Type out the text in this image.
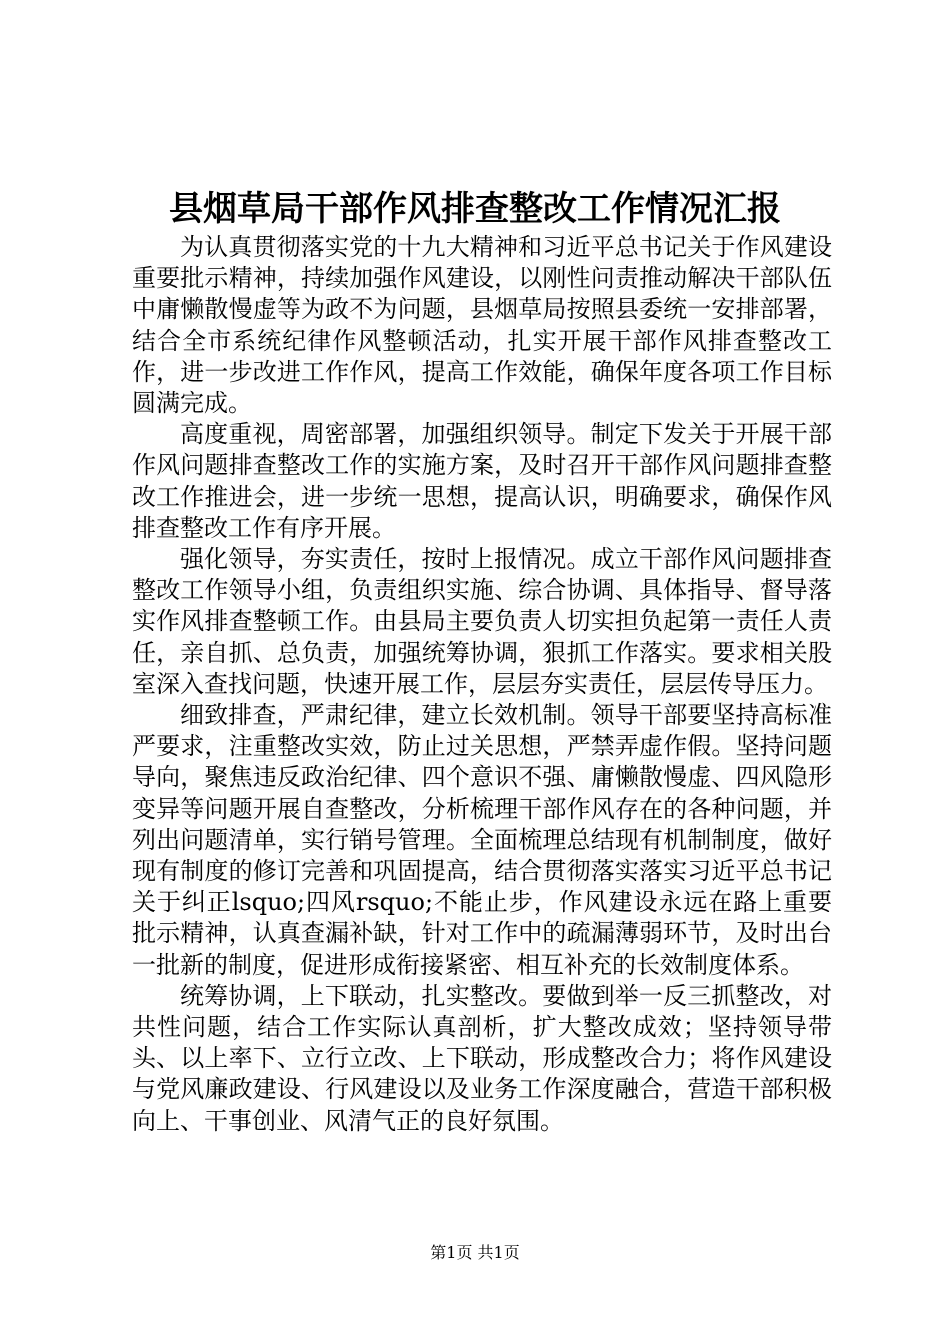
县烟草局干部作风排查整改工作情况汇报

为认真贯彻落实党的十九大精神和习近平总书记关于作风建设重要批示精神，持续加强作风建设，以刚性问责推动解决干部队伍中庸懒散慢虚等为政不为问题，县烟草局按照县委统一安排部署，结合全市系统纪律作风整顿活动，扎实开展干部作风排查整改工作，进一步改进工作作风，提高工作效能，确保年度各项工作目标圆满完成。

高度重视，周密部署，加强组织领导。制定下发关于开展干部作风问题排查整改工作的实施方案，及时召开干部作风问题排查整改工作推进会，进一步统一思想，提高认识，明确要求，确保作风排查整改工作有序开展。

强化领导，夯实责任，按时上报情况。成立干部作风问题排查整改工作领导小组，负责组织实施、综合协调、具体指导、督导落实作风排查整顿工作。由县局主要负责人切实担负起第一责任人责任，亲自抓、总负责，加强统筹协调，狠抓工作落实。要求相关股室深入查找问题，快速开展工作，层层夯实责任，层层传导压力。

细致排查，严肃纪律，建立长效机制。领导干部要坚持高标准严要求，注重整改实效，防止过关思想，严禁弄虚作假。坚持问题导向，聚焦违反政治纪律、四个意识不强、庸懒散慢虚、四风隐形变异等问题开展自查整改，分析梳理干部作风存在的各种问题，并列出问题清单，实行销号管理。全面梳理总结现有机制制度，做好现有制度的修订完善和巩固提高，结合贯彻落实落实习近平总书记关于纠正lsquo;四风rsquo;不能止步，作风建设永远在路上重要批示精神，认真查漏补缺，针对工作中的疏漏薄弱环节，及时出台一批新的制度，促进形成衔接紧密、相互补充的长效制度体系。

统筹协调，上下联动，扎实整改。要做到举一反三抓整改，对共性问题，结合工作实际认真剖析，扩大整改成效；坚持领导带头、以上率下、立行立改、上下联动，形成整改合力；将作风建设与党风廉政建设、行风建设以及业务工作深度融合，营造干部积极向上、干事创业、风清气正的良好氛围。

第1页 共1页
